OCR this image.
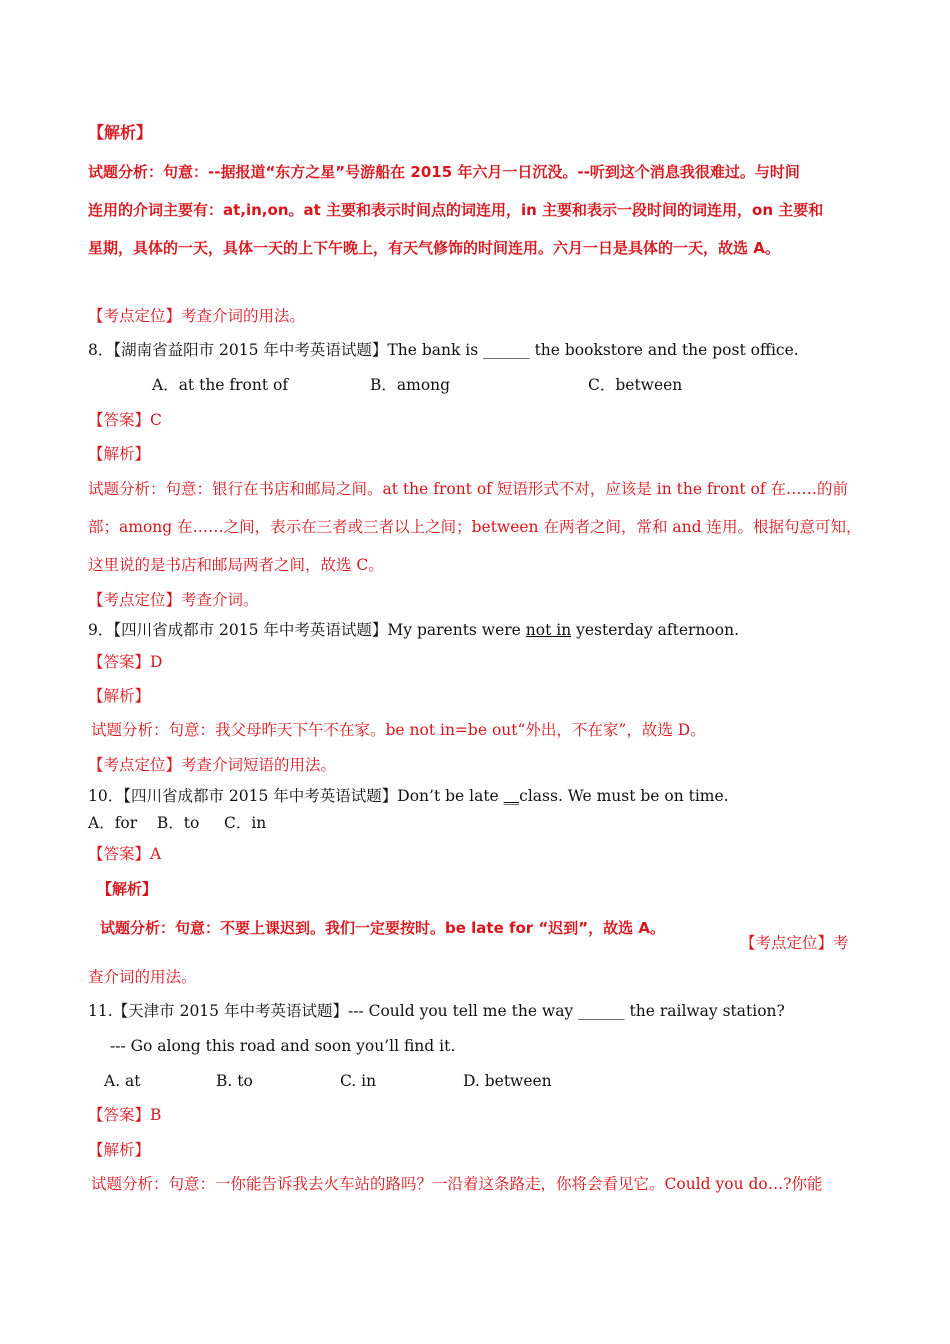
【解析】
试题分析：句意：--据报道“东方之星”号游船在 2015 年六月一日沉没。--听到这个消息我很难过。与时间
连用的介词主要有：at,in,on。at 主要和表示时间点的词连用，in 主要和表示一段时间的词连用，on 主要和
星期，具体的一天，具体一天的上下午晚上，有天气修饰的时间连用。六月一日是具体的一天，故选 A。
【考点定位】考查介词的用法。
8．【湖南省益阳市 2015 年中考英语试题】The bank is ______ the bookstore and the post office.
A．at the front of	B．among	C．between
【答案】C
【解析】
试题分析：句意：银行在书店和邮局之间。at the front of 短语形式不对，应该是 in the front of 在……的前
部；among 在……之间，表示在三者或三者以上之间；between 在两者之间，常和 and 连用。根据句意可知，
这里说的是书店和邮局两者之间，故选 C。
【考点定位】考查介词。
9．【四川省成都市 2015 年中考英语试题】My parents were not in yesterday afternoon.
【答案】D
【解析】
试题分析：句意：我父母昨天下午不在家。be not in=be out“外出，不在家”，故选 D。
【考点定位】考查介词短语的用法。
10．【四川省成都市 2015 年中考英语试题】Don’t be late __class. We must be on time.
A．for    B．to     C．in
【答案】A
【解析】
试题分析：句意：不要上课迟到。我们一定要按时。be late for “迟到”，故选 A。
【考点定位】考
查介词的用法。
11.【天津市 2015 年中考英语试题】--- Could you tell me the way ______ the railway station?
--- Go along this road and soon you’ll find it.
A. at	B. to	C. in	D. between
【答案】B
【解析】
试题分析：句意：一你能告诉我去火车站的路吗？一沿着这条路走，你将会看见它。Could you do…?你能
